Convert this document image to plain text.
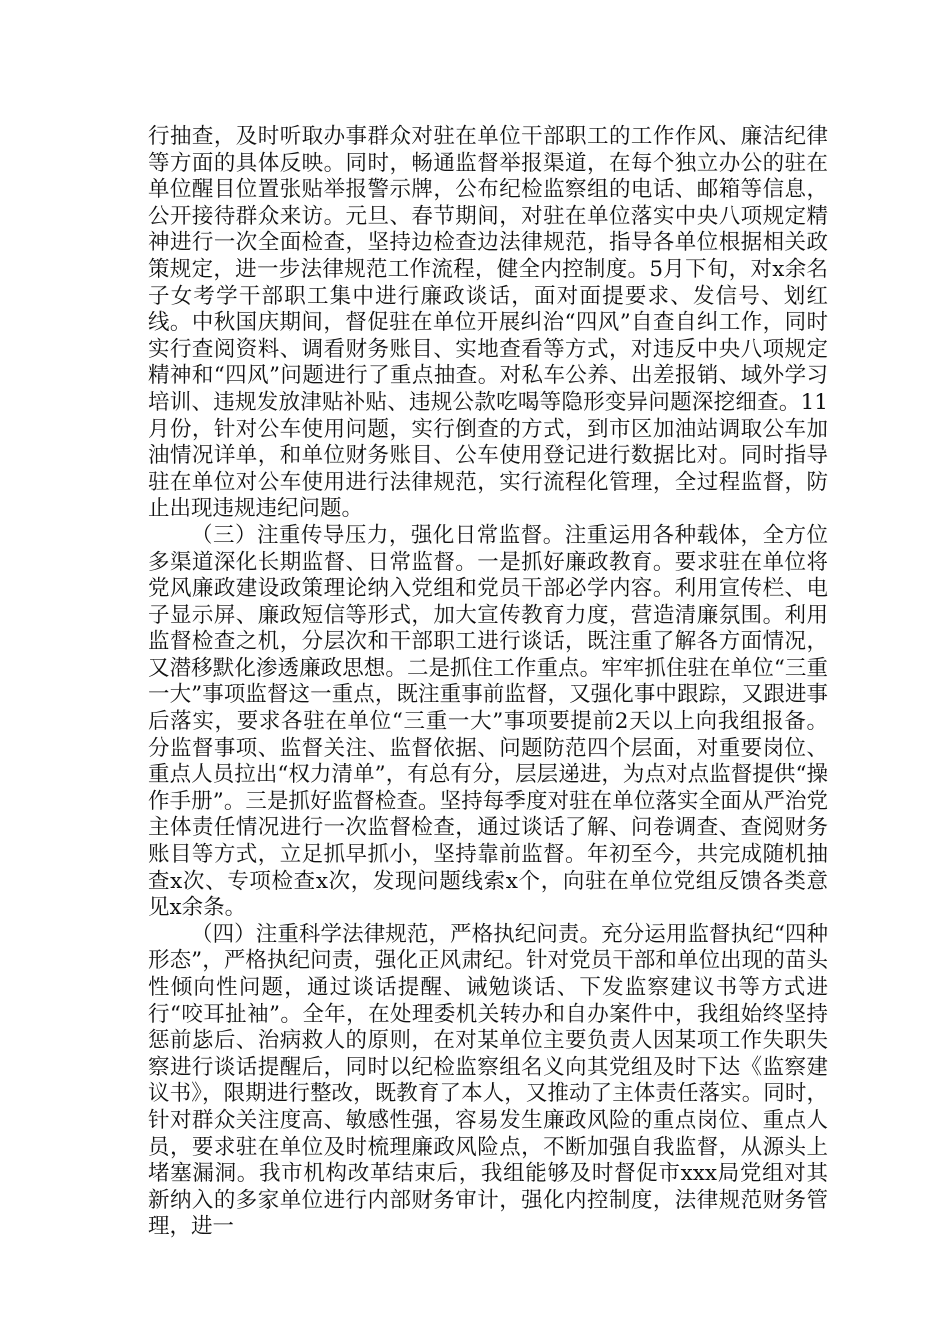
行抽查，及时听取办事群众对驻在单位干部职工的工作作风、廉洁纪律等方面的具体反映。同时，畅通监督举报渠道，在每个独立办公的驻在单位醒目位置张贴举报警示牌，公布纪检监察组的电话、邮箱等信息，公开接待群众来访。元旦、春节期间，对驻在单位落实中央八项规定精神进行一次全面检查，坚持边检查边法律规范，指导各单位根据相关政策规定，进一步法律规范工作流程，健全内控制度。5月下旬，对x余名子女考学干部职工集中进行廉政谈话，面对面提要求、发信号、划红线。中秋国庆期间，督促驻在单位开展纠治“四风”自查自纠工作，同时实行查阅资料、调看财务账目、实地查看等方式，对违反中央八项规定精神和“四风”问题进行了重点抽查。对私车公养、出差报销、域外学习培训、违规发放津贴补贴、违规公款吃喝等隐形变异问题深挖细查。11月份，针对公车使用问题，实行倒查的方式，到市区加油站调取公车加油情况详单，和单位财务账目、公车使用登记进行数据比对。同时指导驻在单位对公车使用进行法律规范，实行流程化管理，全过程监督，防止出现违规违纪问题。

（三）注重传导压力，强化日常监督。注重运用各种载体，全方位多渠道深化长期监督、日常监督。一是抓好廉政教育。要求驻在单位将党风廉政建设政策理论纳入党组和党员干部必学内容。利用宣传栏、电子显示屏、廉政短信等形式，加大宣传教育力度，营造清廉氛围。利用监督检查之机，分层次和干部职工进行谈话，既注重了解各方面情况，又潜移默化渗透廉政思想。二是抓住工作重点。牢牢抓住驻在单位“三重一大”事项监督这一重点，既注重事前监督，又强化事中跟踪，又跟进事后落实，要求各驻在单位“三重一大”事项要提前2天以上向我组报备。分监督事项、监督关注、监督依据、问题防范四个层面，对重要岗位、重点人员拉出“权力清单”，有总有分，层层递进，为点对点监督提供“操作手册”。三是抓好监督检查。坚持每季度对驻在单位落实全面从严治党主体责任情况进行一次监督检查，通过谈话了解、问卷调查、查阅财务账目等方式，立足抓早抓小，坚持靠前监督。年初至今，共完成随机抽查x次、专项检查x次，发现问题线索x个，向驻在单位党组反馈各类意见x余条。

（四）注重科学法律规范，严格执纪问责。充分运用监督执纪“四种形态”，严格执纪问责，强化正风肃纪。针对党员干部和单位出现的苗头性倾向性问题，通过谈话提醒、诫勉谈话、下发监察建议书等方式进行“咬耳扯袖”。全年，在处理委机关转办和自办案件中，我组始终坚持惩前毖后、治病救人的原则，在对某单位主要负责人因某项工作失职失察进行谈话提醒后，同时以纪检监察组名义向其党组及时下达《监察建议书》，限期进行整改，既教育了本人，又推动了主体责任落实。同时，针对群众关注度高、敏感性强，容易发生廉政风险的重点岗位、重点人员，要求驻在单位及时梳理廉政风险点，不断加强自我监督，从源头上堵塞漏洞。我市机构改革结束后，我组能够及时督促市xxx局党组对其新纳入的多家单位进行内部财务审计，强化内控制度，法律规范财务管理，进一
